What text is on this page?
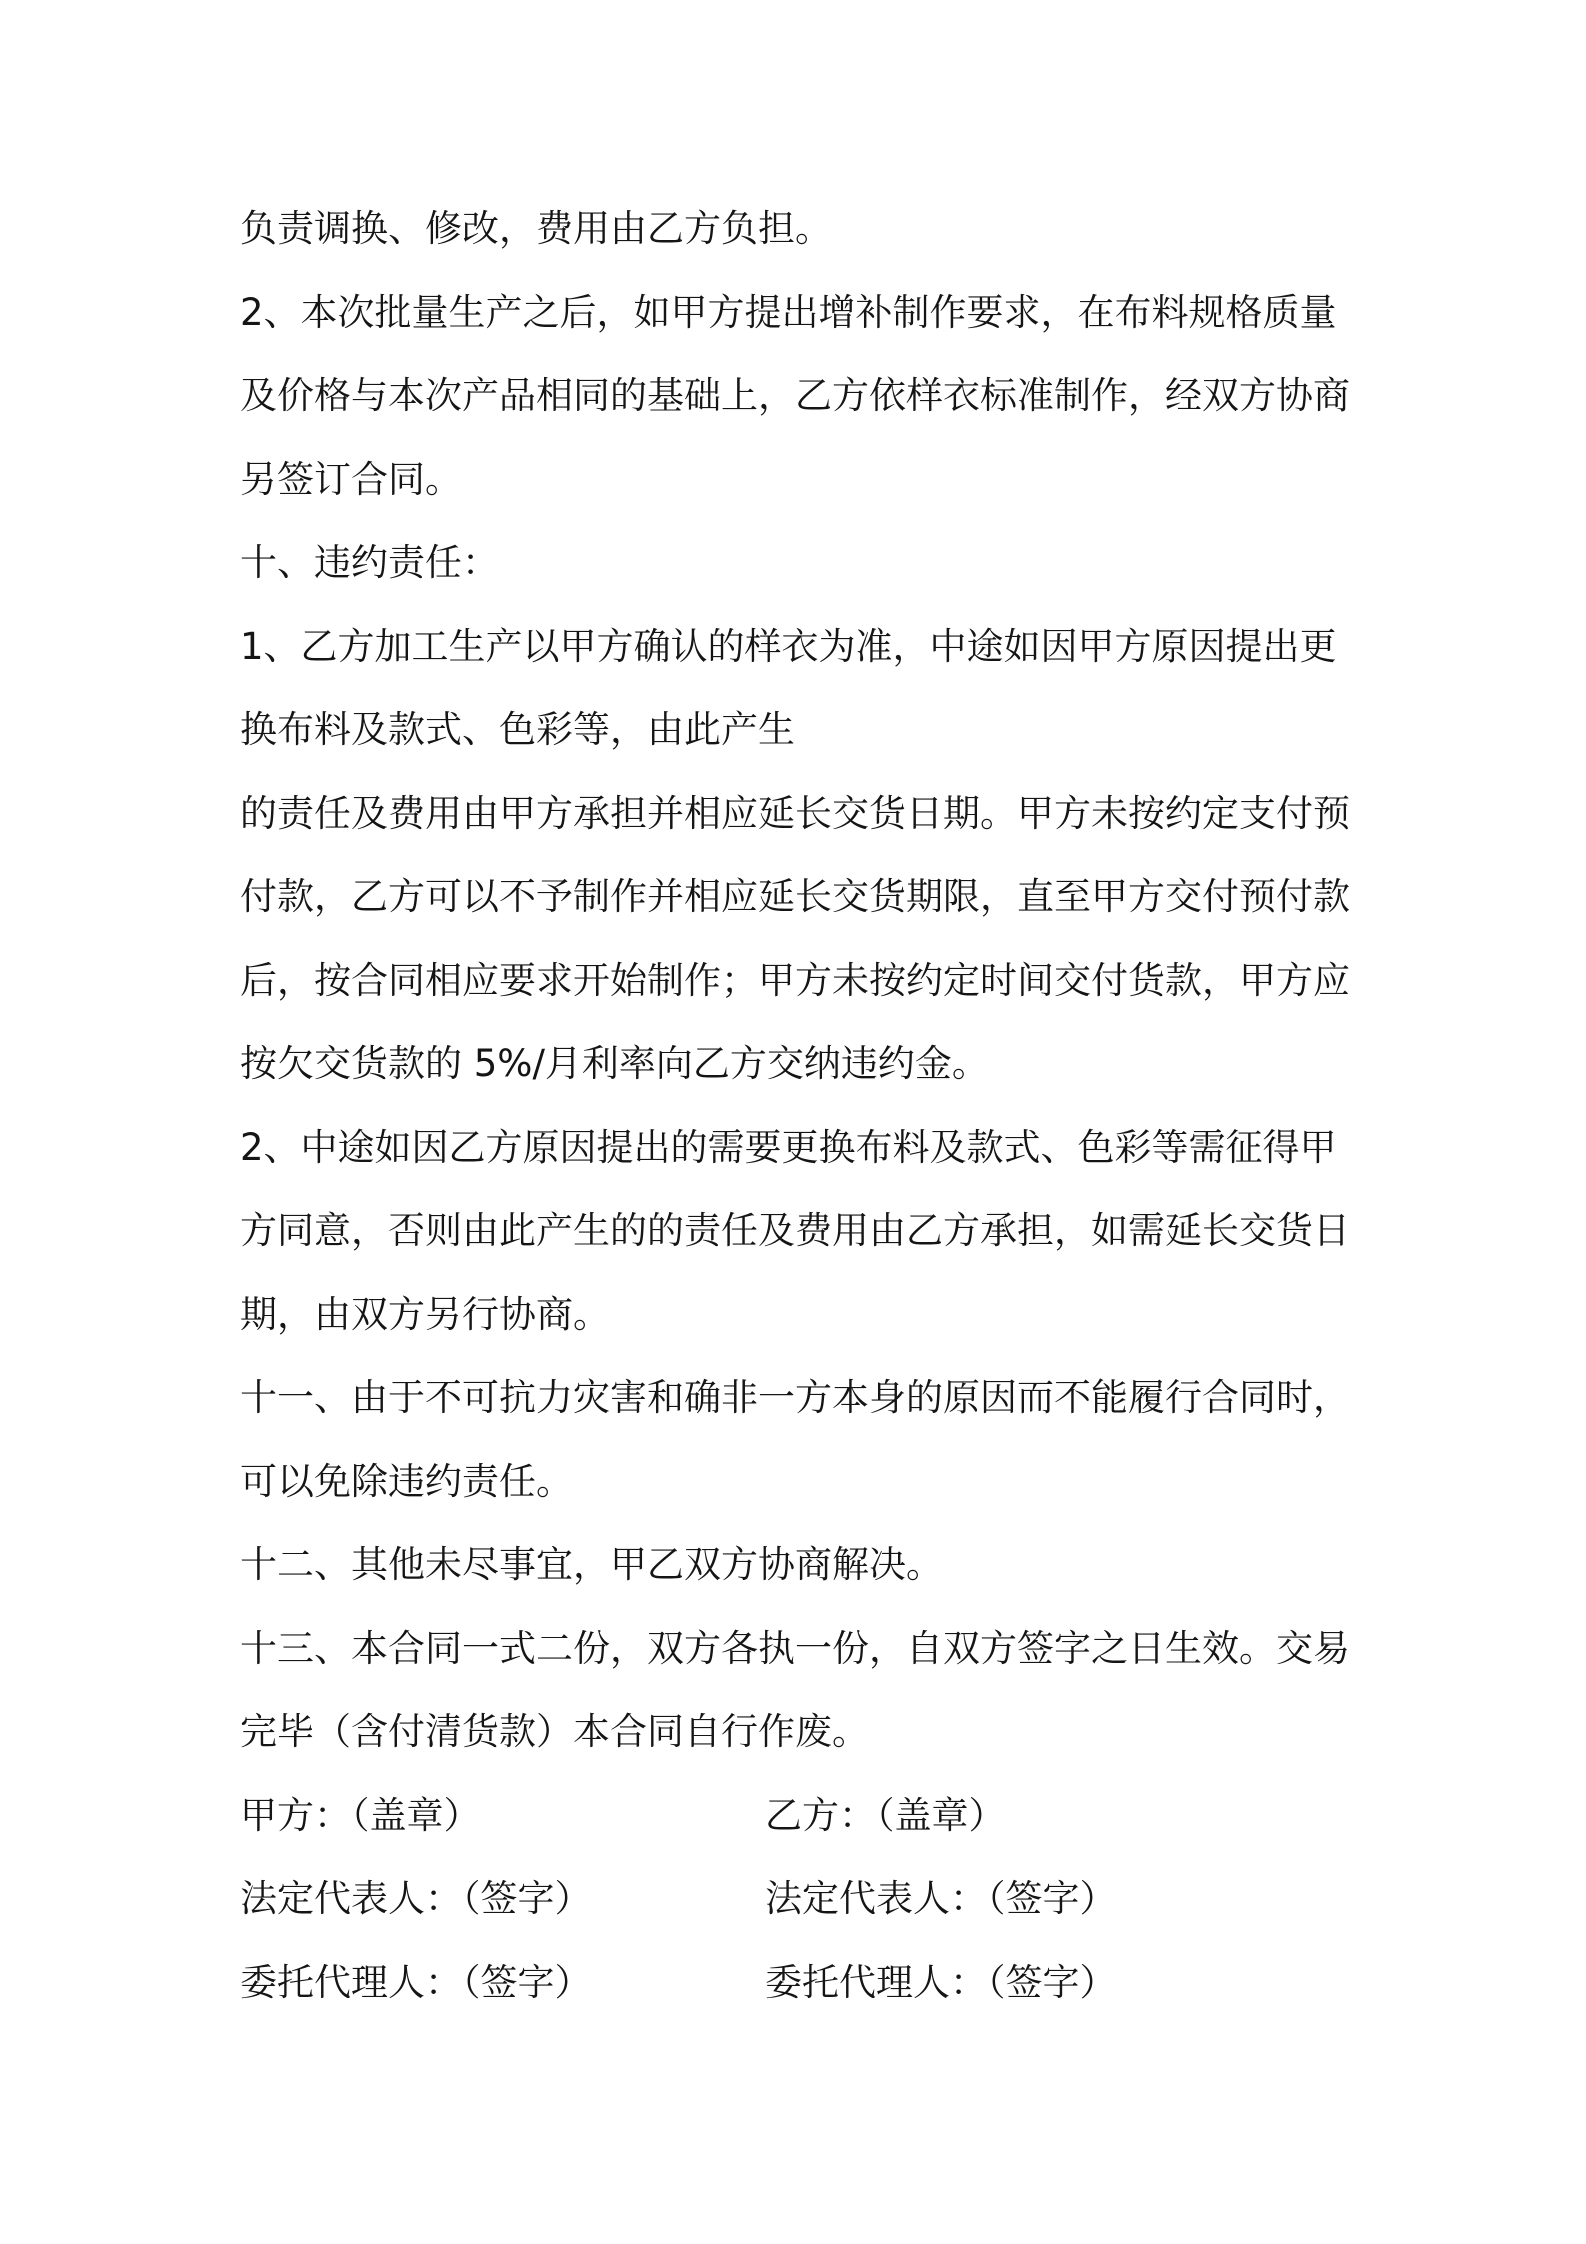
负责调换、修改，费用由乙方负担。
2、本次批量生产之后，如甲方提出增补制作要求，在布料规格质量
及价格与本次产品相同的基础上，乙方依样衣标准制作，经双方协商
另签订合同。
十、违约责任：
1、乙方加工生产以甲方确认的样衣为准，中途如因甲方原因提出更
换布料及款式、色彩等，由此产生
的责任及费用由甲方承担并相应延长交货日期。甲方未按约定支付预
付款，乙方可以不予制作并相应延长交货期限，直至甲方交付预付款
后，按合同相应要求开始制作；甲方未按约定时间交付货款，甲方应
按欠交货款的 5%/月利率向乙方交纳违约金。
2、中途如因乙方原因提出的需要更换布料及款式、色彩等需征得甲
方同意，否则由此产生的的责任及费用由乙方承担，如需延长交货日
期，由双方另行协商。
十一、由于不可抗力灾害和确非一方本身的原因而不能履行合同时，
可以免除违约责任。
十二、其他未尽事宜，甲乙双方协商解决。
十三、本合同一式二份，双方各执一份，自双方签字之日生效。交易
完毕（含付清货款）本合同自行作废。
甲方：（盖章）	乙方：（盖章）
法定代表人：（签字）	法定代表人：（签字）
委托代理人：（签字）	委托代理人：（签字）
